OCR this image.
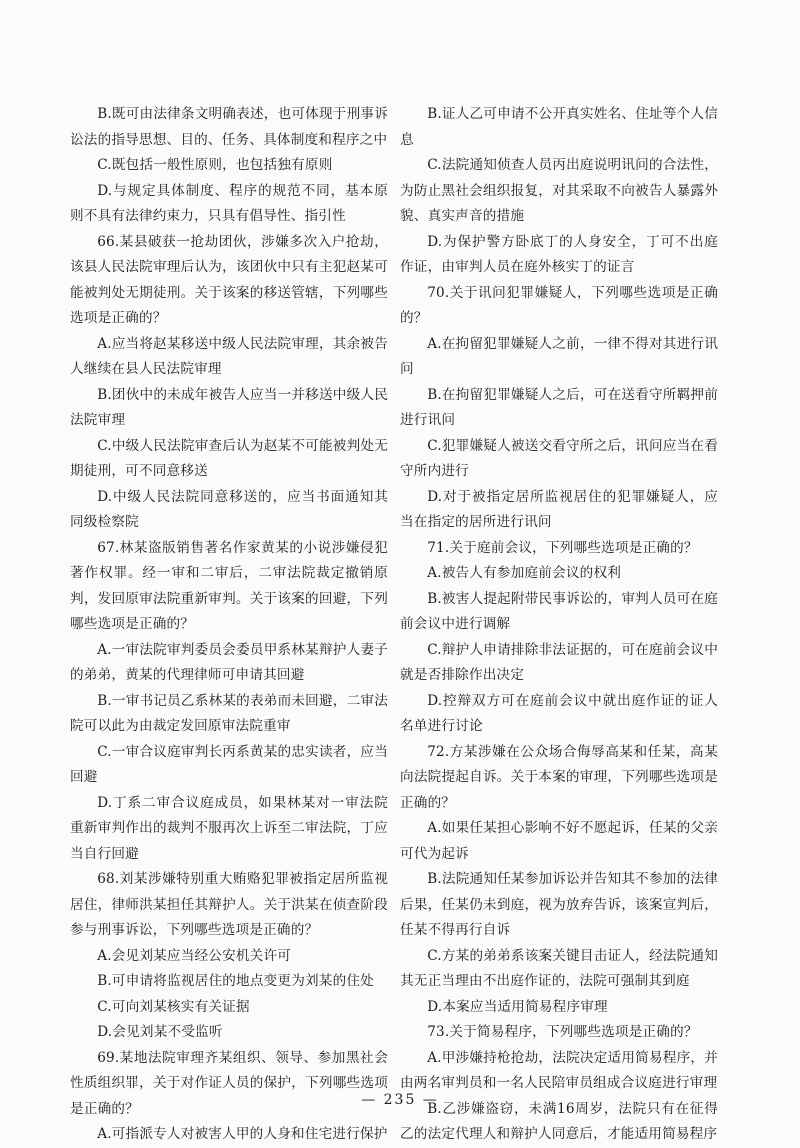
B.既可由法律条文明确表述，也可体现于刑事诉讼法的指导思想、目的、任务、具体制度和程序之中

C.既包括一般性原则，也包括独有原则

D.与规定具体制度、程序的规范不同，基本原则不具有法律约束力，只具有倡导性、指引性

66.某县破获一抢劫团伙，涉嫌多次入户抢劫，该县人民法院审理后认为，该团伙中只有主犯赵某可能被判处无期徒刑。关于该案的移送管辖，下列哪些选项是正确的？

A.应当将赵某移送中级人民法院审理，其余被告人继续在县人民法院审理

B.团伙中的未成年被告人应当一并移送中级人民法院审理

C.中级人民法院审查后认为赵某不可能被判处无期徒刑，可不同意移送

D.中级人民法院同意移送的，应当书面通知其同级检察院

67.林某盗版销售著名作家黄某的小说涉嫌侵犯著作权罪。经一审和二审后，二审法院裁定撤销原判，发回原审法院重新审判。关于该案的回避，下列哪些选项是正确的？

A.一审法院审判委员会委员甲系林某辩护人妻子的弟弟，黄某的代理律师可申请其回避

B.一审书记员乙系林某的表弟而未回避，二审法院可以此为由裁定发回原审法院重审

C.一审合议庭审判长丙系黄某的忠实读者，应当回避

D.丁系二审合议庭成员，如果林某对一审法院重新审判作出的裁判不服再次上诉至二审法院，丁应当自行回避

68.刘某涉嫌特别重大贿赂犯罪被指定居所监视居住，律师洪某担任其辩护人。关于洪某在侦查阶段参与刑事诉讼，下列哪些选项是正确的？

A.会见刘某应当经公安机关许可

B.可申请将监视居住的地点变更为刘某的住处

C.可向刘某核实有关证据

D.会见刘某不受监听

69.某地法院审理齐某组织、领导、参加黑社会性质组织罪，关于对作证人员的保护，下列哪些选项是正确的？

A.可指派专人对被害人甲的人身和住宅进行保护

B.证人乙可申请不公开真实姓名、住址等个人信息

C.法院通知侦查人员丙出庭说明讯问的合法性，为防止黑社会组织报复，对其采取不向被告人暴露外貌、真实声音的措施

D.为保护警方卧底丁的人身安全，丁可不出庭作证，由审判人员在庭外核实丁的证言

70.关于讯问犯罪嫌疑人，下列哪些选项是正确的？

A.在拘留犯罪嫌疑人之前，一律不得对其进行讯问

B.在拘留犯罪嫌疑人之后，可在送看守所羁押前进行讯问

C.犯罪嫌疑人被送交看守所之后，讯问应当在看守所内进行

D.对于被指定居所监视居住的犯罪嫌疑人，应当在指定的居所进行讯问

71.关于庭前会议，下列哪些选项是正确的？

A.被告人有参加庭前会议的权利

B.被害人提起附带民事诉讼的，审判人员可在庭前会议中进行调解

C.辩护人申请排除非法证据的，可在庭前会议中就是否排除作出决定

D.控辩双方可在庭前会议中就出庭作证的证人名单进行讨论

72.方某涉嫌在公众场合侮辱高某和任某，高某向法院提起自诉。关于本案的审理，下列哪些选项是正确的？

A.如果任某担心影响不好不愿起诉，任某的父亲可代为起诉

B.法院通知任某参加诉讼并告知其不参加的法律后果，任某仍未到庭，视为放弃告诉，该案宣判后，任某不得再行自诉

C.方某的弟弟系该案关键目击证人，经法院通知其无正当理由不出庭作证的，法院可强制其到庭

D.本案应当适用简易程序审理

73.关于简易程序，下列哪些选项是正确的？

A.甲涉嫌持枪抢劫，法院决定适用简易程序，并由两名审判员和一名人民陪审员组成合议庭进行审理

B.乙涉嫌盗窃，未满16周岁，法院只有在征得乙的法定代理人和辩护人同意后，才能适用简易程序

— 235 —
